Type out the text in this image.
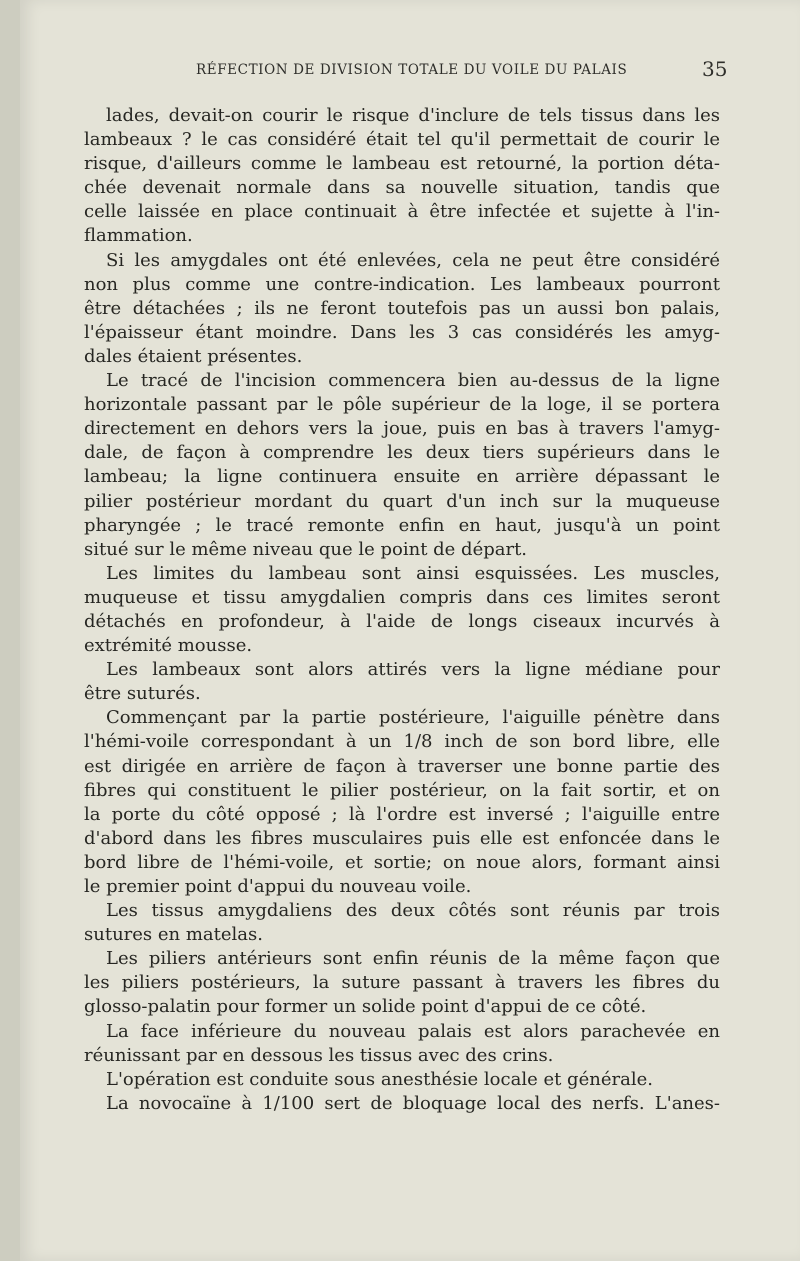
RÉFECTION DE DIVISION TOTALE DU VOILE DU PALAIS	35
lades, devait-on courir le risque d'inclure de tels tissus dans les
lambeaux ? le cas considéré était tel qu'il permettait de courir le
risque, d'ailleurs comme le lambeau est retourné, la portion déta-
chée devenait normale dans sa nouvelle situation, tandis que
celle laissée en place continuait à être infectée et sujette à l'in-
flammation.
Si les amygdales ont été enlevées, cela ne peut être considéré
non plus comme une contre-indication. Les lambeaux pourront
être détachées ; ils ne feront toutefois pas un aussi bon palais,
l'épaisseur étant moindre. Dans les 3 cas considérés les amyg-
dales étaient présentes.
Le tracé de l'incision commencera bien au-dessus de la ligne
horizontale passant par le pôle supérieur de la loge, il se portera
directement en dehors vers la joue, puis en bas à travers l'amyg-
dale, de façon à comprendre les deux tiers supérieurs dans le
lambeau; la ligne continuera ensuite en arrière dépassant le
pilier postérieur mordant du quart d'un inch sur la muqueuse
pharyngée ; le tracé remonte enfin en haut, jusqu'à un point
situé sur le même niveau que le point de départ.
Les limites du lambeau sont ainsi esquissées. Les muscles,
muqueuse et tissu amygdalien compris dans ces limites seront
détachés en profondeur, à l'aide de longs ciseaux incurvés à
extrémité mousse.
Les lambeaux sont alors attirés vers la ligne médiane pour
être suturés.
Commençant par la partie postérieure, l'aiguille pénètre dans
l'hémi-voile correspondant à un 1/8 inch de son bord libre, elle
est dirigée en arrière de façon à traverser une bonne partie des
fibres qui constituent le pilier postérieur, on la fait sortir, et on
la porte du côté opposé ; là l'ordre est inversé ; l'aiguille entre
d'abord dans les fibres musculaires puis elle est enfoncée dans le
bord libre de l'hémi-voile, et sortie; on noue alors, formant ainsi
le premier point d'appui du nouveau voile.
Les tissus amygdaliens des deux côtés sont réunis par trois
sutures en matelas.
Les piliers antérieurs sont enfin réunis de la même façon que
les piliers postérieurs, la suture passant à travers les fibres du
glosso-palatin pour former un solide point d'appui de ce côté.
La face inférieure du nouveau palais est alors parachevée en
réunissant par en dessous les tissus avec des crins.
L'opération est conduite sous anesthésie locale et générale.
La novocaïne à 1/100 sert de bloquage local des nerfs. L'anes-
